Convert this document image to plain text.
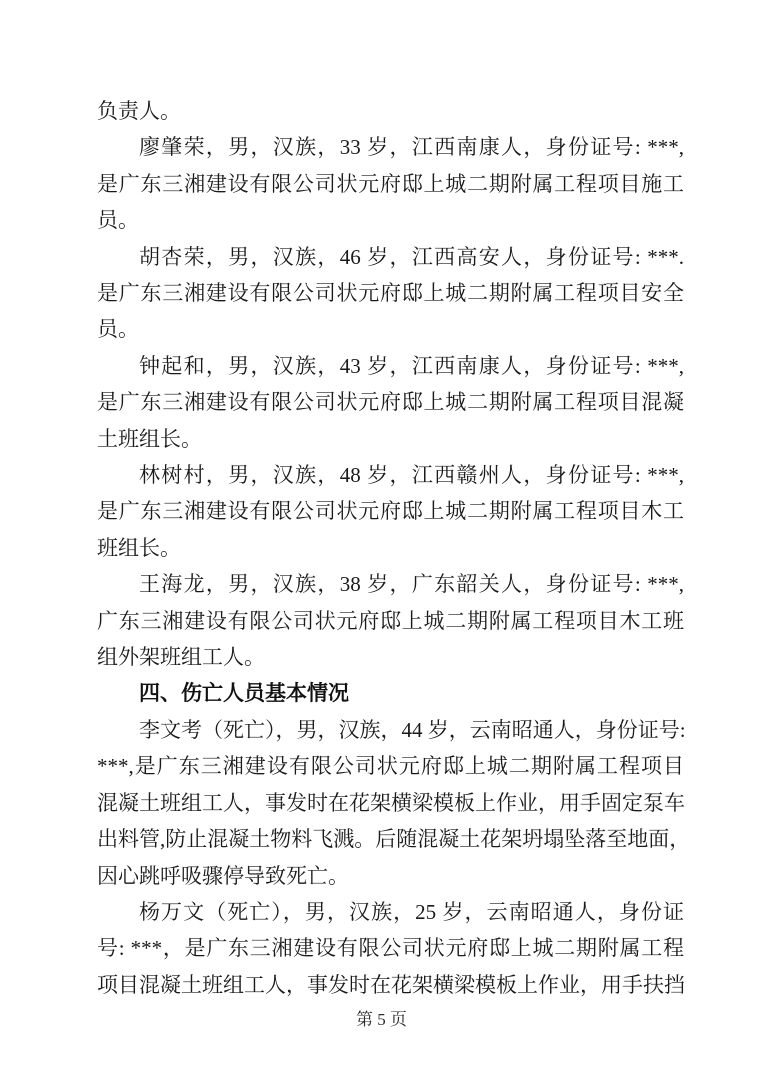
负责人。
廖肇荣，男，汉族，33 岁，江西南康人，身份证号: ***,
是广东三湘建设有限公司状元府邸上城二期附属工程项目施工
员。
胡杏荣，男，汉族，46 岁，江西高安人，身份证号: ***.
是广东三湘建设有限公司状元府邸上城二期附属工程项目安全
员。
钟起和，男，汉族，43 岁，江西南康人，身份证号: ***,
是广东三湘建设有限公司状元府邸上城二期附属工程项目混凝
土班组长。
林树村，男，汉族，48 岁，江西赣州人，身份证号: ***,
是广东三湘建设有限公司状元府邸上城二期附属工程项目木工
班组长。
王海龙，男，汉族，38 岁，广东韶关人，身份证号: ***,
广东三湘建设有限公司状元府邸上城二期附属工程项目木工班
组外架班组工人。
四、伤亡人员基本情况
李文考（死亡），男，汉族，44 岁，云南昭通人，身份证号:
***,是广东三湘建设有限公司状元府邸上城二期附属工程项目
混凝土班组工人，事发时在花架横梁模板上作业，用手固定泵车
出料管,防止混凝土物料飞溅。后随混凝土花架坍塌坠落至地面，
因心跳呼吸骤停导致死亡。
杨万文（死亡），男，汉族，25 岁，云南昭通人，身份证
号: ***，是广东三湘建设有限公司状元府邸上城二期附属工程
项目混凝土班组工人，事发时在花架横梁模板上作业，用手扶挡
第 5 页
